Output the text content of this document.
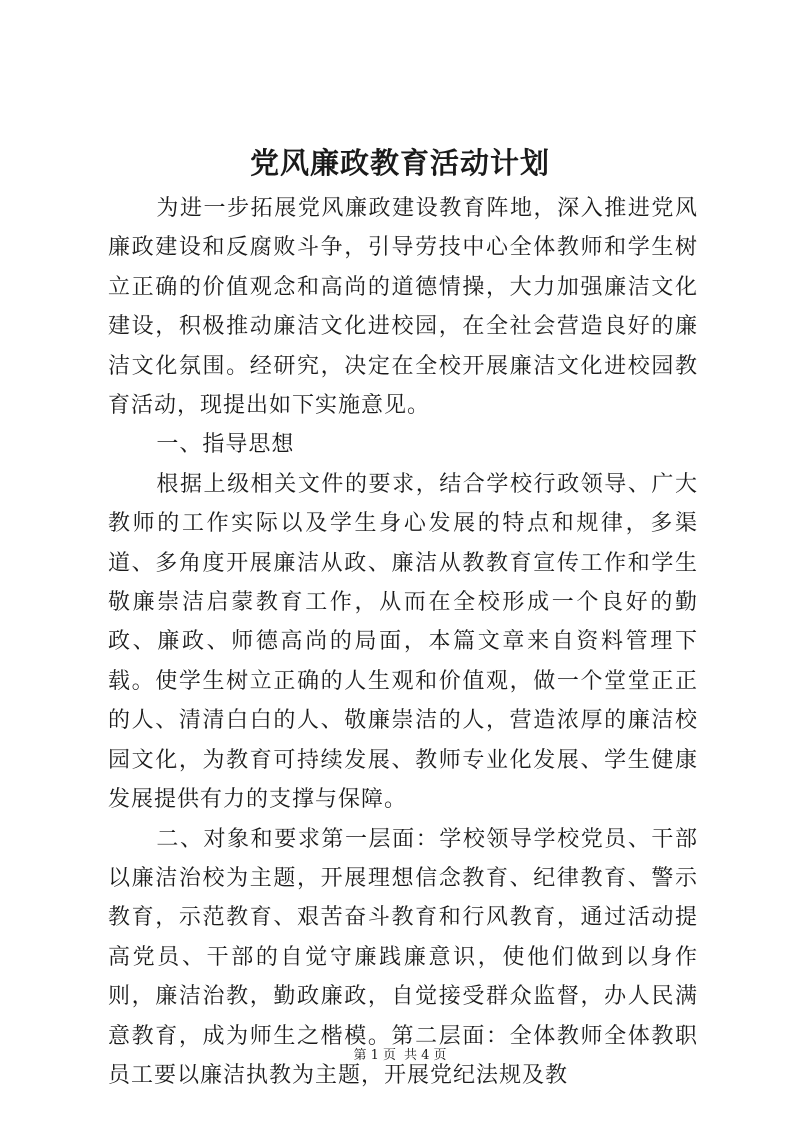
党风廉政教育活动计划

为进一步拓展党风廉政建设教育阵地，深入推进党风廉政建设和反腐败斗争，引导劳技中心全体教师和学生树立正确的价值观念和高尚的道德情操，大力加强廉洁文化建设，积极推动廉洁文化进校园，在全社会营造良好的廉洁文化氛围。经研究，决定在全校开展廉洁文化进校园教育活动，现提出如下实施意见。

一、指导思想

根据上级相关文件的要求，结合学校行政领导、广大教师的工作实际以及学生身心发展的特点和规律，多渠道、多角度开展廉洁从政、廉洁从教教育宣传工作和学生敬廉崇洁启蒙教育工作，从而在全校形成一个良好的勤政、廉政、师德高尚的局面，本篇文章来自资料管理下载。使学生树立正确的人生观和价值观，做一个堂堂正正的人、清清白白的人、敬廉崇洁的人，营造浓厚的廉洁校园文化，为教育可持续发展、教师专业化发展、学生健康发展提供有力的支撑与保障。

二、对象和要求第一层面：学校领导学校党员、干部以廉洁治校为主题，开展理想信念教育、纪律教育、警示教育，示范教育、艰苦奋斗教育和行风教育，通过活动提高党员、干部的自觉守廉践廉意识，使他们做到以身作则，廉洁治教，勤政廉政，自觉接受群众监督，办人民满意教育，成为师生之楷模。第二层面：全体教师全体教职员工要以廉洁执教为主题，开展党纪法规及教

第 1 页 共 4 页
